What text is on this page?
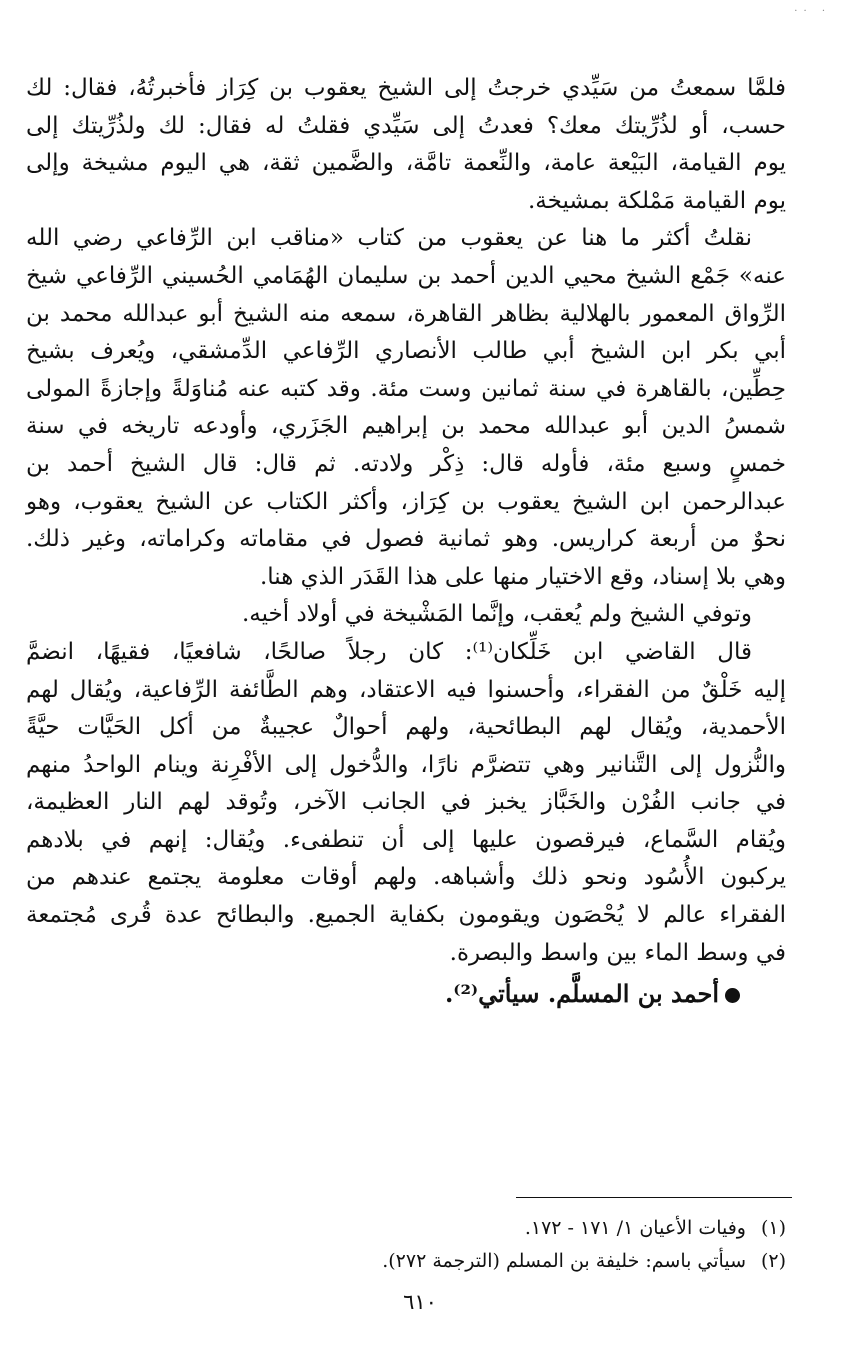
·· ·
فلمَّا سمعتُ من سَيِّدي خرجتُ إلى الشيخ يعقوب بن كِرَاز فأخبرتُهُ، فقال: لك
حسب، أو لذُرِّيتك معك؟ فعدتُ إلى سَيِّدي فقلتُ له فقال: لك ولذُرِّيتك إلى
يوم القيامة، البَيْعة عامة، والنِّعمة تامَّة، والضَّمين ثقة، هي اليوم مشيخة وإلى
يوم القيامة مَمْلكة بمشيخة.
نقلتُ أكثر ما هنا عن يعقوب من كتاب «مناقب ابن الرِّفاعي رضي الله
عنه» جَمْع الشيخ محيي الدين أحمد بن سليمان الهُمَامي الحُسيني الرِّفاعي شيخ
الرِّواق المعمور بالهلالية بظاهر القاهرة، سمعه منه الشيخ أبو عبدالله محمد بن
أبي بكر ابن الشيخ أبي طالب الأنصاري الرِّفاعي الدِّمشقي، ويُعرف بشيخ
حِطِّين، بالقاهرة في سنة ثمانين وست مئة. وقد كتبه عنه مُناوَلةً وإجازةً المولى
شمسُ الدين أبو عبدالله محمد بن إبراهيم الجَزَري، وأودعه تاريخه في سنة
خمسٍ وسبع مئة، فأوله قال: ذِكْر ولادته. ثم قال: قال الشيخ أحمد بن
عبدالرحمن ابن الشيخ يعقوب بن كِرَاز، وأكثر الكتاب عن الشيخ يعقوب، وهو
نحوٌ من أربعة كراريس. وهو ثمانية فصول في مقاماته وكراماته، وغير ذلك.
وهي بلا إسناد، وقع الاختيار منها على هذا القَدَر الذي هنا.
وتوفي الشيخ ولم يُعقب، وإنَّما المَشْيخة في أولاد أخيه.
قال القاضي ابن خَلِّكان⁽¹⁾: كان رجلاً صالحًا، شافعيًا، فقيهًا، انضمَّ
إليه خَلْقٌ من الفقراء، وأحسنوا فيه الاعتقاد، وهم الطَّائفة الرِّفاعية، ويُقال لهم
الأحمدية، ويُقال لهم البطائحية، ولهم أحوالٌ عجيبةٌ من أكل الحَيَّات حيَّةً
والنُّزول إلى التَّنانير وهي تتضرَّم نارًا، والدُّخول إلى الأفْرِنة وينام الواحدُ منهم
في جانب الفُرْن والخَبَّاز يخبز في الجانب الآخر، وتُوقد لهم النار العظيمة،
ويُقام السَّماع، فيرقصون عليها إلى أن تنطفىء. ويُقال: إنهم في بلادهم
يركبون الأُسُود ونحو ذلك وأشباهه. ولهم أوقات معلومة يجتمع عندهم من
الفقراء عالم لا يُحْصَون ويقومون بكفاية الجميع. والبطائح عدة قُرى مُجتمعة
في وسط الماء بين واسط والبصرة.
أحمد بن المسلَّم. سيأتي⁽²⁾.
(١)وفيات الأعيان ١/ ١٧١ - ١٧٢.
(٢)سيأتي باسم: خليفة بن المسلم (الترجمة ٢٧٢).
٦١٠
